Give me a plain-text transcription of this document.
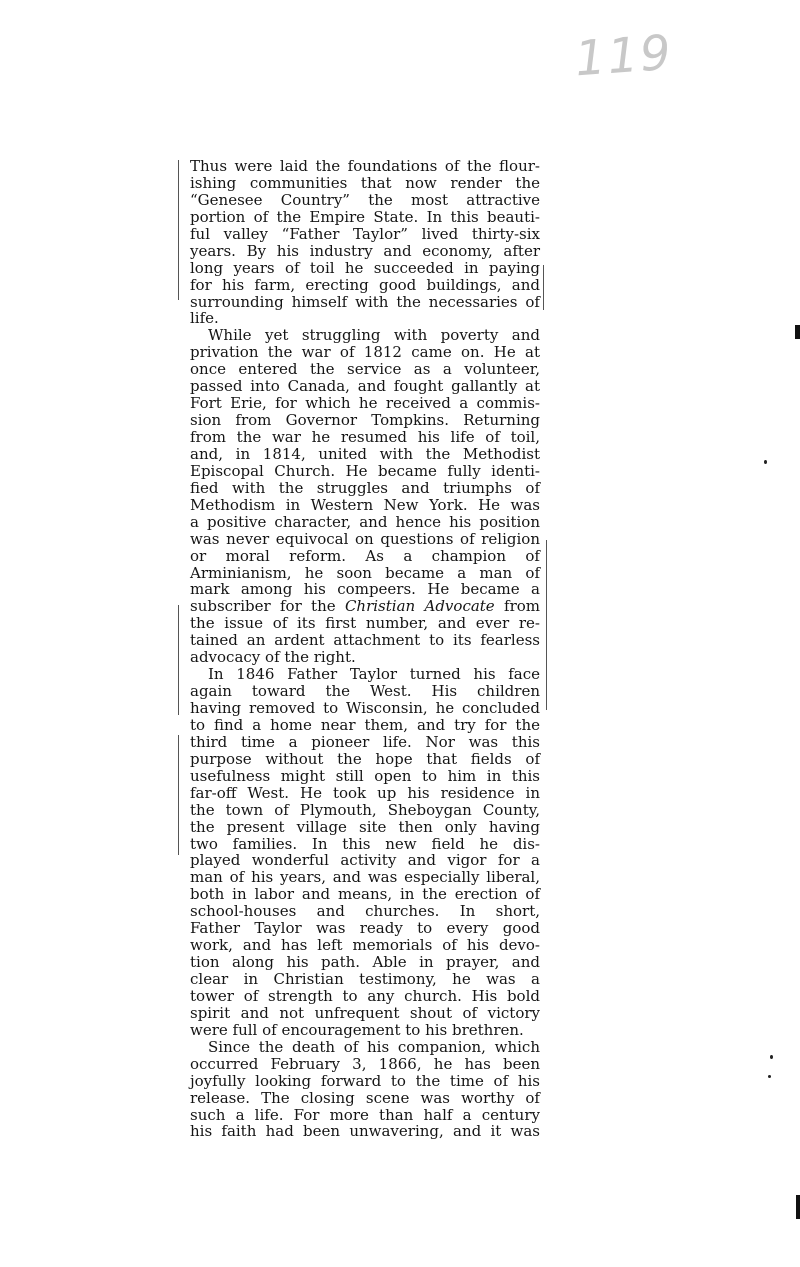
119

Thus were laid the foundations of the flour-
ishing communities that now render the
“Genesee Country” the most attractive
portion of the Empire State. In this beauti-
ful valley “Father Taylor” lived thirty-six
years. By his industry and economy, after
long years of toil he succeeded in paying
for his farm, erecting good buildings, and
surrounding himself with the necessaries of
life.

While yet struggling with poverty and
privation the war of 1812 came on. He at
once entered the service as a volunteer,
passed into Canada, and fought gallantly at
Fort Erie, for which he received a commis-
sion from Governor Tompkins. Returning
from the war he resumed his life of toil,
and, in 1814, united with the Methodist
Episcopal Church. He became fully identi-
fied with the struggles and triumphs of
Methodism in Western New York. He was
a positive character, and hence his position
was never equivocal on questions of religion
or moral reform. As a champion of
Arminianism, he soon became a man of
mark among his compeers. He became a
subscriber for the Christian Advocate from
the issue of its first number, and ever re-
tained an ardent attachment to its fearless
advocacy of the right.

In 1846 Father Taylor turned his face
again toward the West. His children
having removed to Wisconsin, he concluded
to find a home near them, and try for the
third time a pioneer life. Nor was this
purpose without the hope that fields of
usefulness might still open to him in this
far-off West. He took up his residence in
the town of Plymouth, Sheboygan County,
the present village site then only having
two families. In this new field he dis-
played wonderful activity and vigor for a
man of his years, and was especially liberal,
both in labor and means, in the erection of
school-houses and churches. In short,
Father Taylor was ready to every good
work, and has left memorials of his devo-
tion along his path. Able in prayer, and
clear in Christian testimony, he was a
tower of strength to any church. His bold
spirit and not unfrequent shout of victory
were full of encouragement to his brethren.

Since the death of his companion, which
occurred February 3, 1866, he has been
joyfully looking forward to the time of his
release. The closing scene was worthy of
such a life. For more than half a century
his faith had been unwavering, and it was
